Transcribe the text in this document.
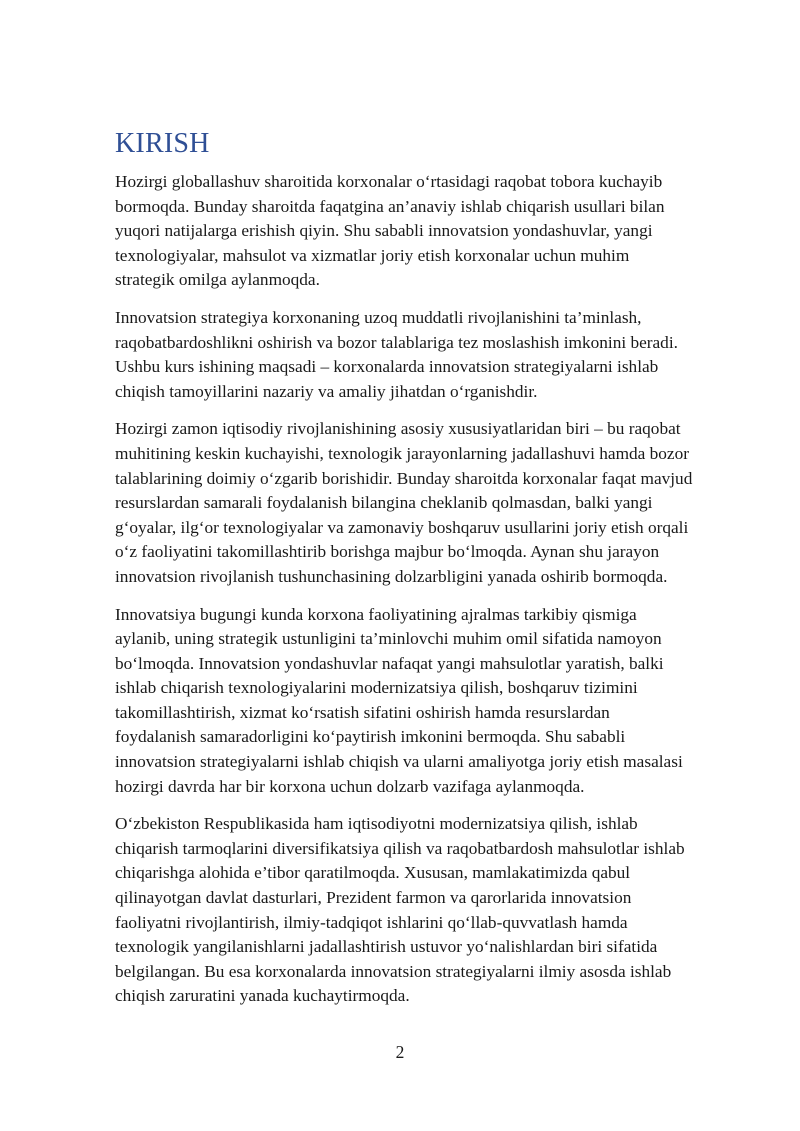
KIRISH

Hozirgi globallashuv sharoitida korxonalar o‘rtasidagi raqobat tobora kuchayib
bormoqda. Bunday sharoitda faqatgina an’anaviy ishlab chiqarish usullari bilan
yuqori natijalarga erishish qiyin. Shu sababli innovatsion yondashuvlar, yangi
texnologiyalar, mahsulot va xizmatlar joriy etish korxonalar uchun muhim
strategik omilga aylanmoqda.

Innovatsion strategiya korxonaning uzoq muddatli rivojlanishini ta’minlash,
raqobatbardoshlikni oshirish va bozor talablariga tez moslashish imkonini beradi.
Ushbu kurs ishining maqsadi – korxonalarda innovatsion strategiyalarni ishlab
chiqish tamoyillarini nazariy va amaliy jihatdan o‘rganishdir.

Hozirgi zamon iqtisodiy rivojlanishining asosiy xususiyatlaridan biri – bu raqobat
muhitining keskin kuchayishi, texnologik jarayonlarning jadallashuvi hamda bozor
talablarining doimiy o‘zgarib borishidir. Bunday sharoitda korxonalar faqat mavjud
resurslardan samarali foydalanish bilangina cheklanib qolmasdan, balki yangi
g‘oyalar, ilg‘or texnologiyalar va zamonaviy boshqaruv usullarini joriy etish orqali
o‘z faoliyatini takomillashtirib borishga majbur bo‘lmoqda. Aynan shu jarayon
innovatsion rivojlanish tushunchasining dolzarbligini yanada oshirib bormoqda.

Innovatsiya bugungi kunda korxona faoliyatining ajralmas tarkibiy qismiga
aylanib, uning strategik ustunligini ta’minlovchi muhim omil sifatida namoyon
bo‘lmoqda. Innovatsion yondashuvlar nafaqat yangi mahsulotlar yaratish, balki
ishlab chiqarish texnologiyalarini modernizatsiya qilish, boshqaruv tizimini
takomillashtirish, xizmat ko‘rsatish sifatini oshirish hamda resurslardan
foydalanish samaradorligini ko‘paytirish imkonini bermoqda. Shu sababli
innovatsion strategiyalarni ishlab chiqish va ularni amaliyotga joriy etish masalasi
hozirgi davrda har bir korxona uchun dolzarb vazifaga aylanmoqda.

O‘zbekiston Respublikasida ham iqtisodiyotni modernizatsiya qilish, ishlab
chiqarish tarmoqlarini diversifikatsiya qilish va raqobatbardosh mahsulotlar ishlab
chiqarishga alohida e’tibor qaratilmoqda. Xususan, mamlakatimizda qabul
qilinayotgan davlat dasturlari, Prezident farmon va qarorlarida innovatsion
faoliyatni rivojlantirish, ilmiy-tadqiqot ishlarini qo‘llab-quvvatlash hamda
texnologik yangilanishlarni jadallashtirish ustuvor yo‘nalishlardan biri sifatida
belgilangan. Bu esa korxonalarda innovatsion strategiyalarni ilmiy asosda ishlab
chiqish zaruratini yanada kuchaytirmoqda.

2
